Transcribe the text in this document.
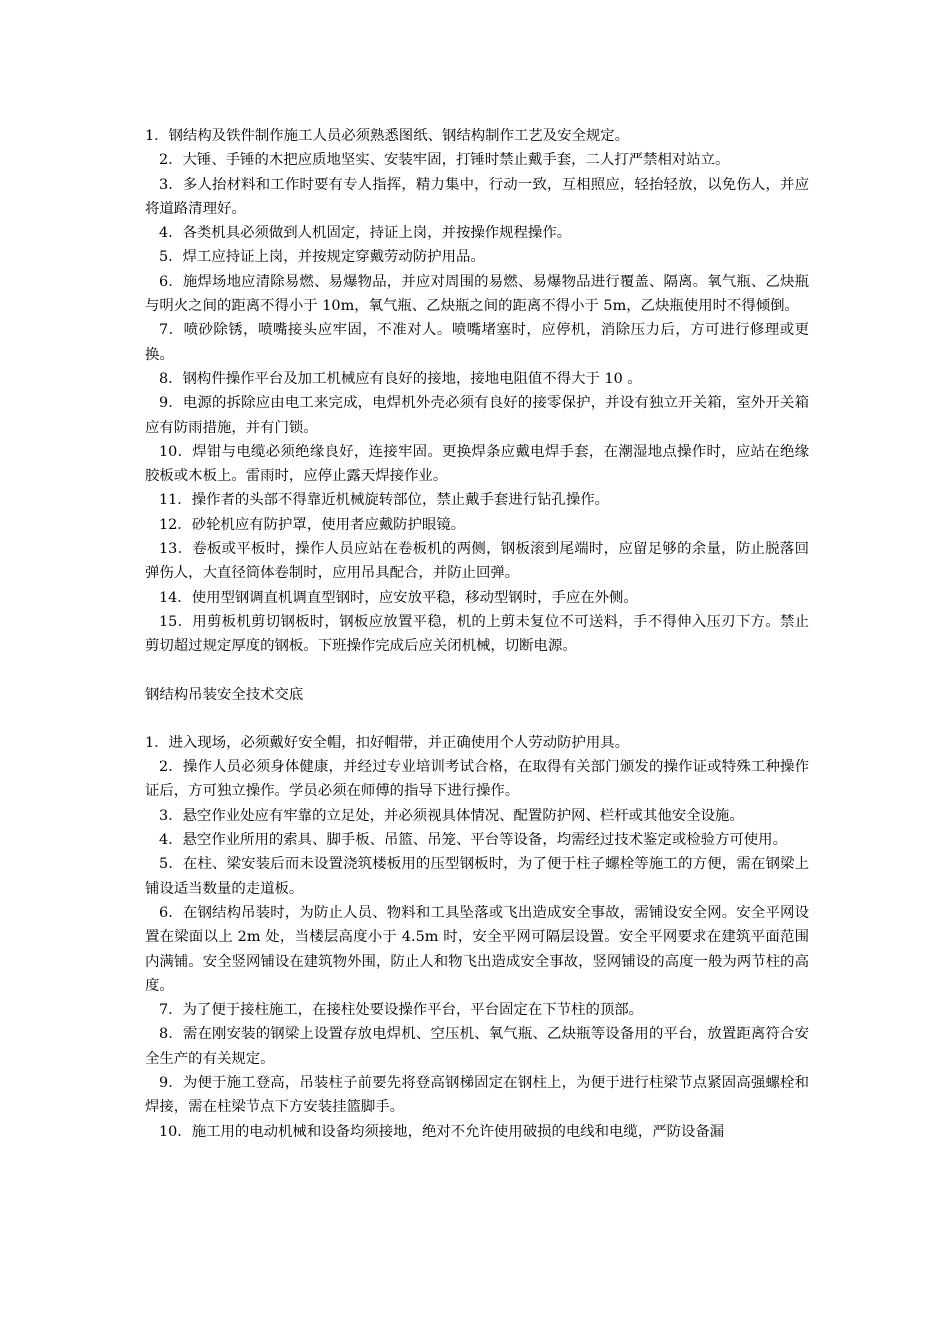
1．钢结构及铁件制作施工人员必须熟悉图纸、钢结构制作工艺及安全规定。

2．大锤、手锤的木把应质地坚实、安装牢固，打锤时禁止戴手套，二人打严禁相对站立。

3．多人抬材料和工作时要有专人指挥，精力集中，行动一致，互相照应，轻抬轻放，以免伤人，并应将道路清理好。

4．各类机具必须做到人机固定，持证上岗，并按操作规程操作。

5．焊工应持证上岗，并按规定穿戴劳动防护用品。

6．施焊场地应清除易燃、易爆物品，并应对周围的易燃、易爆物品进行覆盖、隔离。氧气瓶、乙炔瓶与明火之间的距离不得小于 10m，氧气瓶、乙炔瓶之间的距离不得小于 5m，乙炔瓶使用时不得倾倒。

7．喷砂除锈，喷嘴接头应牢固，不准对人。喷嘴堵塞时，应停机，消除压力后，方可进行修理或更换。

8．钢构件操作平台及加工机械应有良好的接地，接地电阻值不得大于 10 。

9．电源的拆除应由电工来完成，电焊机外壳必须有良好的接零保护，并设有独立开关箱，室外开关箱应有防雨措施，并有门锁。

10．焊钳与电缆必须绝缘良好，连接牢固。更换焊条应戴电焊手套，在潮湿地点操作时，应站在绝缘胶板或木板上。雷雨时，应停止露天焊接作业。

11．操作者的头部不得靠近机械旋转部位，禁止戴手套进行钻孔操作。

12．砂轮机应有防护罩，使用者应戴防护眼镜。

13．卷板或平板时，操作人员应站在卷板机的两侧，钢板滚到尾端时，应留足够的余量，防止脱落回弹伤人，大直径筒体卷制时，应用吊具配合，并防止回弹。

14．使用型钢调直机调直型钢时，应安放平稳，移动型钢时，手应在外侧。

15．用剪板机剪切钢板时，钢板应放置平稳，机的上剪未复位不可送料，手不得伸入压刃下方。禁止剪切超过规定厚度的钢板。下班操作完成后应关闭机械，切断电源。

钢结构吊装安全技术交底

1．进入现场，必须戴好安全帽，扣好帽带，并正确使用个人劳动防护用具。

2．操作人员必须身体健康，并经过专业培训考试合格，在取得有关部门颁发的操作证或特殊工种操作证后，方可独立操作。学员必须在师傅的指导下进行操作。

3．悬空作业处应有牢靠的立足处，并必须视具体情况、配置防护网、栏杆或其他安全设施。

4．悬空作业所用的索具、脚手板、吊篮、吊笼、平台等设备，均需经过技术鉴定或检验方可使用。

5．在柱、梁安装后而未设置浇筑楼板用的压型钢板时，为了便于柱子螺栓等施工的方便，需在钢梁上铺设适当数量的走道板。

6．在钢结构吊装时，为防止人员、物料和工具坠落或飞出造成安全事故，需铺设安全网。安全平网设置在梁面以上 2m 处，当楼层高度小于 4.5m 时，安全平网可隔层设置。安全平网要求在建筑平面范围内满铺。安全竖网铺设在建筑物外围，防止人和物飞出造成安全事故，竖网铺设的高度一般为两节柱的高度。

7．为了便于接柱施工，在接柱处要设操作平台，平台固定在下节柱的顶部。

8．需在刚安装的钢梁上设置存放电焊机、空压机、氧气瓶、乙炔瓶等设备用的平台，放置距离符合安全生产的有关规定。

9．为便于施工登高，吊装柱子前要先将登高钢梯固定在钢柱上，为便于进行柱梁节点紧固高强螺栓和焊接，需在柱梁节点下方安装挂篮脚手。

10．施工用的电动机械和设备均须接地，绝对不允许使用破损的电线和电缆，严防设备漏
